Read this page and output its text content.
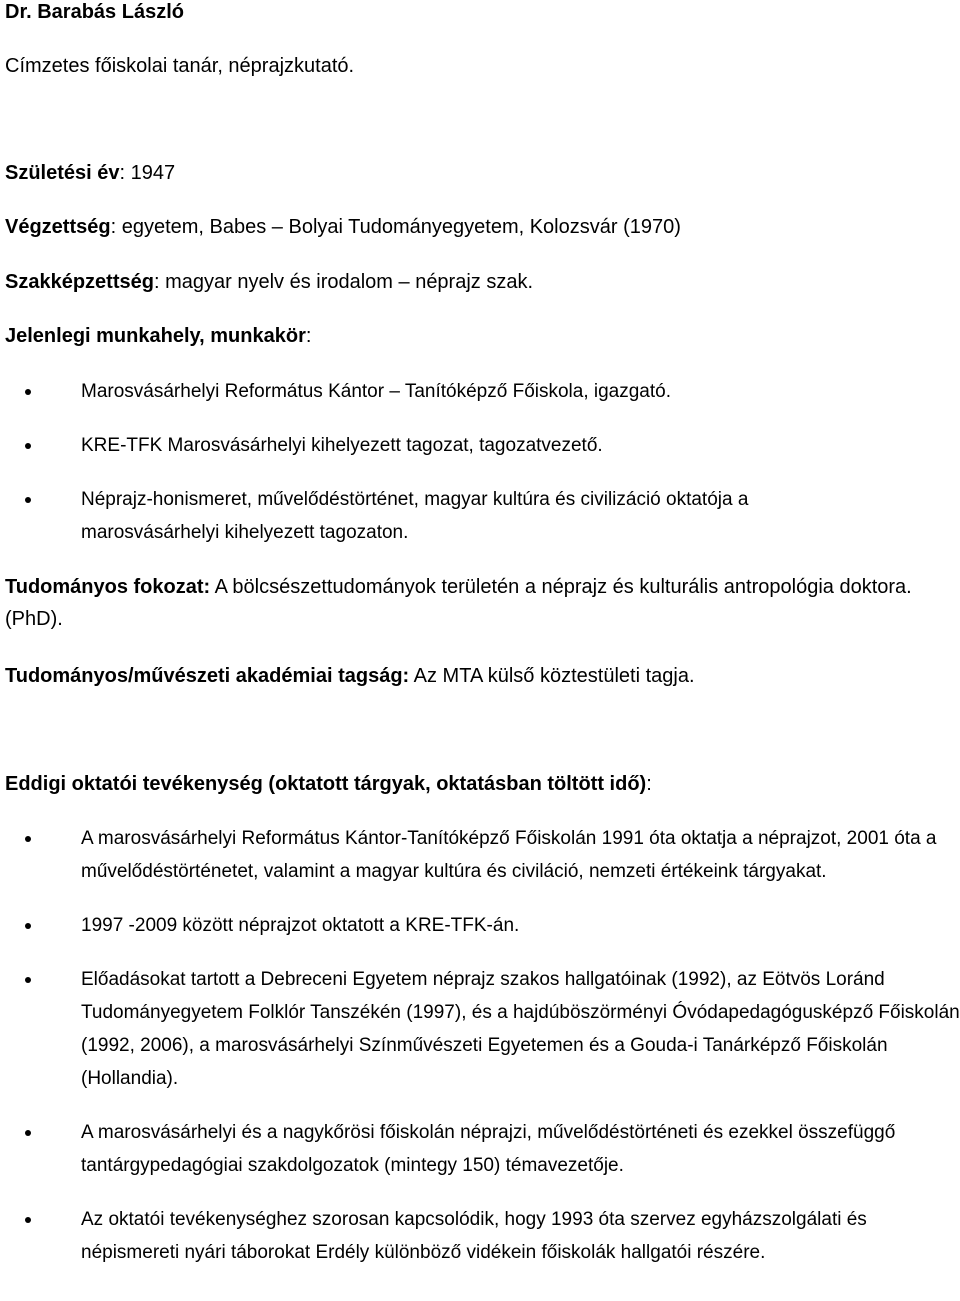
Dr. Barabás László

Címzetes főiskolai tanár, néprajzkutató.

Születési év: 1947

Végzettség: egyetem, Babes – Bolyai Tudományegyetem, Kolozsvár (1970)

Szakképzettség: magyar nyelv és irodalom – néprajz szak.

Jelenlegi munkahely, munkakör:

Marosvásárhelyi Református Kántor – Tanítóképző Főiskola, igazgató.
KRE-TFK Marosvásárhelyi kihelyezett tagozat, tagozatvezető.
Néprajz-honismeret, művelődéstörténet, magyar kultúra és civilizáció oktatója a marosvásárhelyi kihelyezett tagozaton.

Tudományos fokozat: A bölcsészettudományok területén a néprajz és kulturális antropológia doktora. (PhD).

Tudományos/művészeti akadémiai tagság: Az MTA külső köztestületi tagja.

Eddigi oktatói tevékenység (oktatott tárgyak, oktatásban töltött idő):

A marosvásárhelyi Református Kántor-Tanítóképző Főiskolán 1991 óta oktatja a néprajzot, 2001 óta a művelődéstörténetet, valamint a magyar kultúra és civiláció, nemzeti értékeink tárgyakat.
1997 -2009 között néprajzot oktatott a KRE-TFK-án.
Előadásokat tartott a Debreceni Egyetem néprajz szakos hallgatóinak (1992), az Eötvös Loránd Tudományegyetem Folklór Tanszékén (1997), és a hajdúböszörményi Óvódapedagógusképző Főiskolán (1992, 2006), a marosvásárhelyi Színművészeti Egyetemen és a Gouda-i Tanárképző Főiskolán (Hollandia).
A marosvásárhelyi és a nagykőrösi főiskolán néprajzi, művelődéstörténeti és ezekkel összefüggő tantárgypedagógiai szakdolgozatok (mintegy 150) témavezetője.
Az oktatói tevékenységhez szorosan kapcsolódik, hogy 1993 óta szervez egyházszolgálati és népismereti nyári táborokat Erdély különböző vidékein főiskolák hallgatói részére.
